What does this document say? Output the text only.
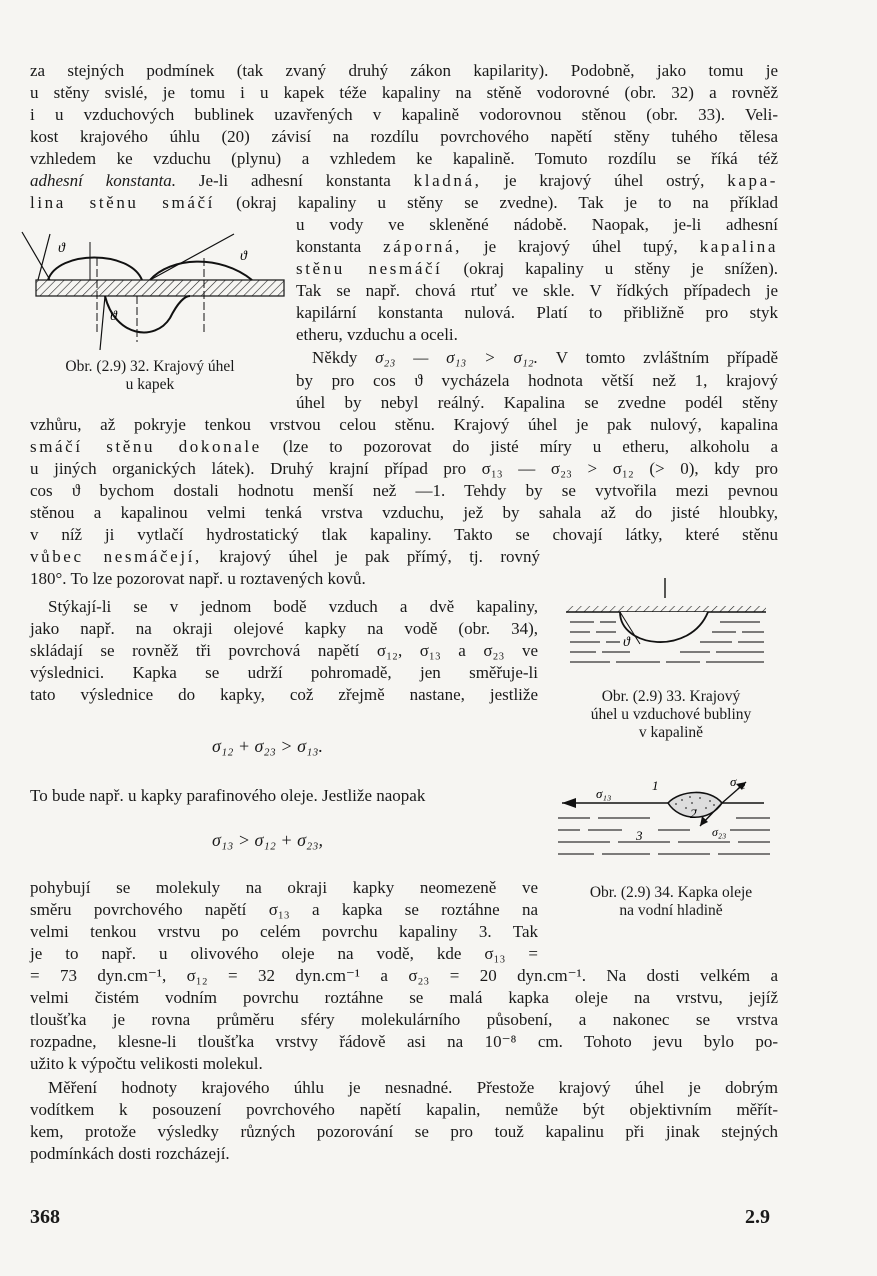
za stejných podmínek (tak zvaný druhý zákon kapilarity). Podobně, jako tomu je

u stěny svislé, je tomu i u kapek téže kapaliny na stěně vodorovné (obr. 32) a rovněž

i u vzduchových bublinek uzavřených v kapalině vodorovnou stěnou (obr. 33). Veli-

kost krajového úhlu (20) závisí na rozdílu povrchového napětí stěny tuhého tělesa

vzhledem ke vzduchu (plynu) a vzhledem ke kapalině. Tomuto rozdílu se říká též

adhesní konstanta. Je-li adhesní konstanta kladná, je krajový úhel ostrý, kapa-

lina stěnu smáčí (okraj kapaliny u stěny se zvedne). Tak je to na příklad

ϑ
ϑ
ϑ
Obr. (2.9) 32. Krajový úhel
u kapek

u vody ve skleněné nádobě. Naopak, je-li adhesní

konstanta záporná, je krajový úhel tupý, kapalina

stěnu nesmáčí (okraj kapaliny u stěny je snížen).

Tak se např. chová rtuť ve skle. V řídkých případech je

kapilární konstanta nulová. Platí to přibližně pro styk

etheru, vzduchu a oceli.

Někdy σ₂₃ — σ₁₃ > σ₁₂. V tomto zvláštním případě

by pro cos ϑ vycházela hodnota větší než 1, krajový

úhel by nebyl reálný. Kapalina se zvedne podél stěny

vzhůru, až pokryje tenkou vrstvou celou stěnu. Krajový úhel je pak nulový, kapalina

smáčí stěnu dokonale (lze to pozorovat do jisté míry u etheru, alkoholu a

u jiných organických látek). Druhý krajní případ pro σ₁₃ — σ₂₃ > σ₁₂ (> 0), kdy pro

cos ϑ bychom dostali hodnotu menší než —1. Tehdy by se vytvořila mezi pevnou

stěnou a kapalinou velmi tenká vrstva vzduchu, jež by sahala až do jisté hloubky,

v níž ji vytlačí hydrostatický tlak kapaliny. Takto se chovají látky, které stěnu

vůbec nesmáčejí, krajový úhel je pak přímý, tj. rovný

180°. To lze pozorovat např. u roztavených kovů.

Stýkají-li se v jednom bodě vzduch a dvě kapaliny,

jako např. na okraji olejové kapky na vodě (obr. 34),

skládají se rovněž tři povrchová napětí σ₁₂, σ₁₃ a σ₂₃ ve

výslednici. Kapka se udrží pohromadě, jen směřuje-li

tato výslednice do kapky, což zřejmě nastane, jestliže

σ₁₂ + σ₂₃ > σ₁₃.

To bude např. u kapky parafinového oleje. Jestliže naopak

σ₁₃ > σ₁₂ + σ₂₃,

pohybují se molekuly na okraji kapky neomezeně ve

směru povrchového napětí σ₁₃ a kapka se roztáhne na

velmi tenkou vrstvu po celém povrchu kapaliny 3. Tak

je to např. u olivového oleje na vodě, kde σ₁₃ =

ϑ
Obr. (2.9) 33. Krajový
úhel u vzduchové bubliny
v kapalině
σ₁₃
σ₁₂
σ₂₃
1
2
3
Obr. (2.9) 34. Kapka oleje
na vodní hladině

= 73 dyn.cm⁻¹, σ₁₂ = 32 dyn.cm⁻¹ a σ₂₃ = 20 dyn.cm⁻¹. Na dosti velkém a

velmi čistém vodním povrchu roztáhne se malá kapka oleje na vrstvu, jejíž

tloušťka je rovna průměru sféry molekulárního působení, a nakonec se vrstva

rozpadne, klesne-li tloušťka vrstvy řádově asi na 10⁻⁸ cm. Tohoto jevu bylo po-

užito k výpočtu velikosti molekul.

Měření hodnoty krajového úhlu je nesnadné. Přestože krajový úhel je dobrým

vodítkem k posouzení povrchového napětí kapalin, nemůže být objektivním měřít-

kem, protože výsledky různých pozorování se pro touž kapalinu při jinak stejných

podmínkách dosti rozcházejí.

368	2.9
